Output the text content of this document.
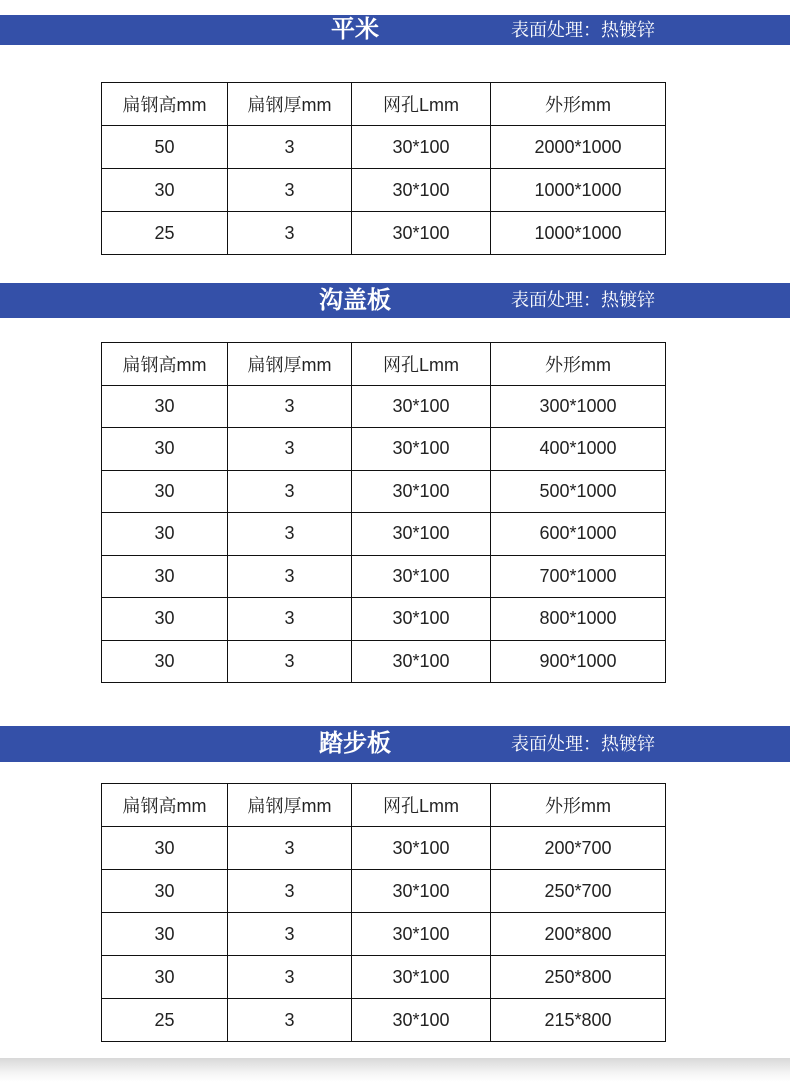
平米	表面处理：热镀锌
扁钢高mm	扁钢厚mm	网孔Lmm	外形mm
50	3	30*100	2000*1000
30	3	30*100	1000*1000
25	3	30*100	1000*1000
沟盖板	表面处理：热镀锌
扁钢高mm	扁钢厚mm	网孔Lmm	外形mm
30	3	30*100	300*1000
30	3	30*100	400*1000
30	3	30*100	500*1000
30	3	30*100	600*1000
30	3	30*100	700*1000
30	3	30*100	800*1000
30	3	30*100	900*1000
踏步板	表面处理：热镀锌
扁钢高mm	扁钢厚mm	网孔Lmm	外形mm
30	3	30*100	200*700
30	3	30*100	250*700
30	3	30*100	200*800
30	3	30*100	250*800
25	3	30*100	215*800
